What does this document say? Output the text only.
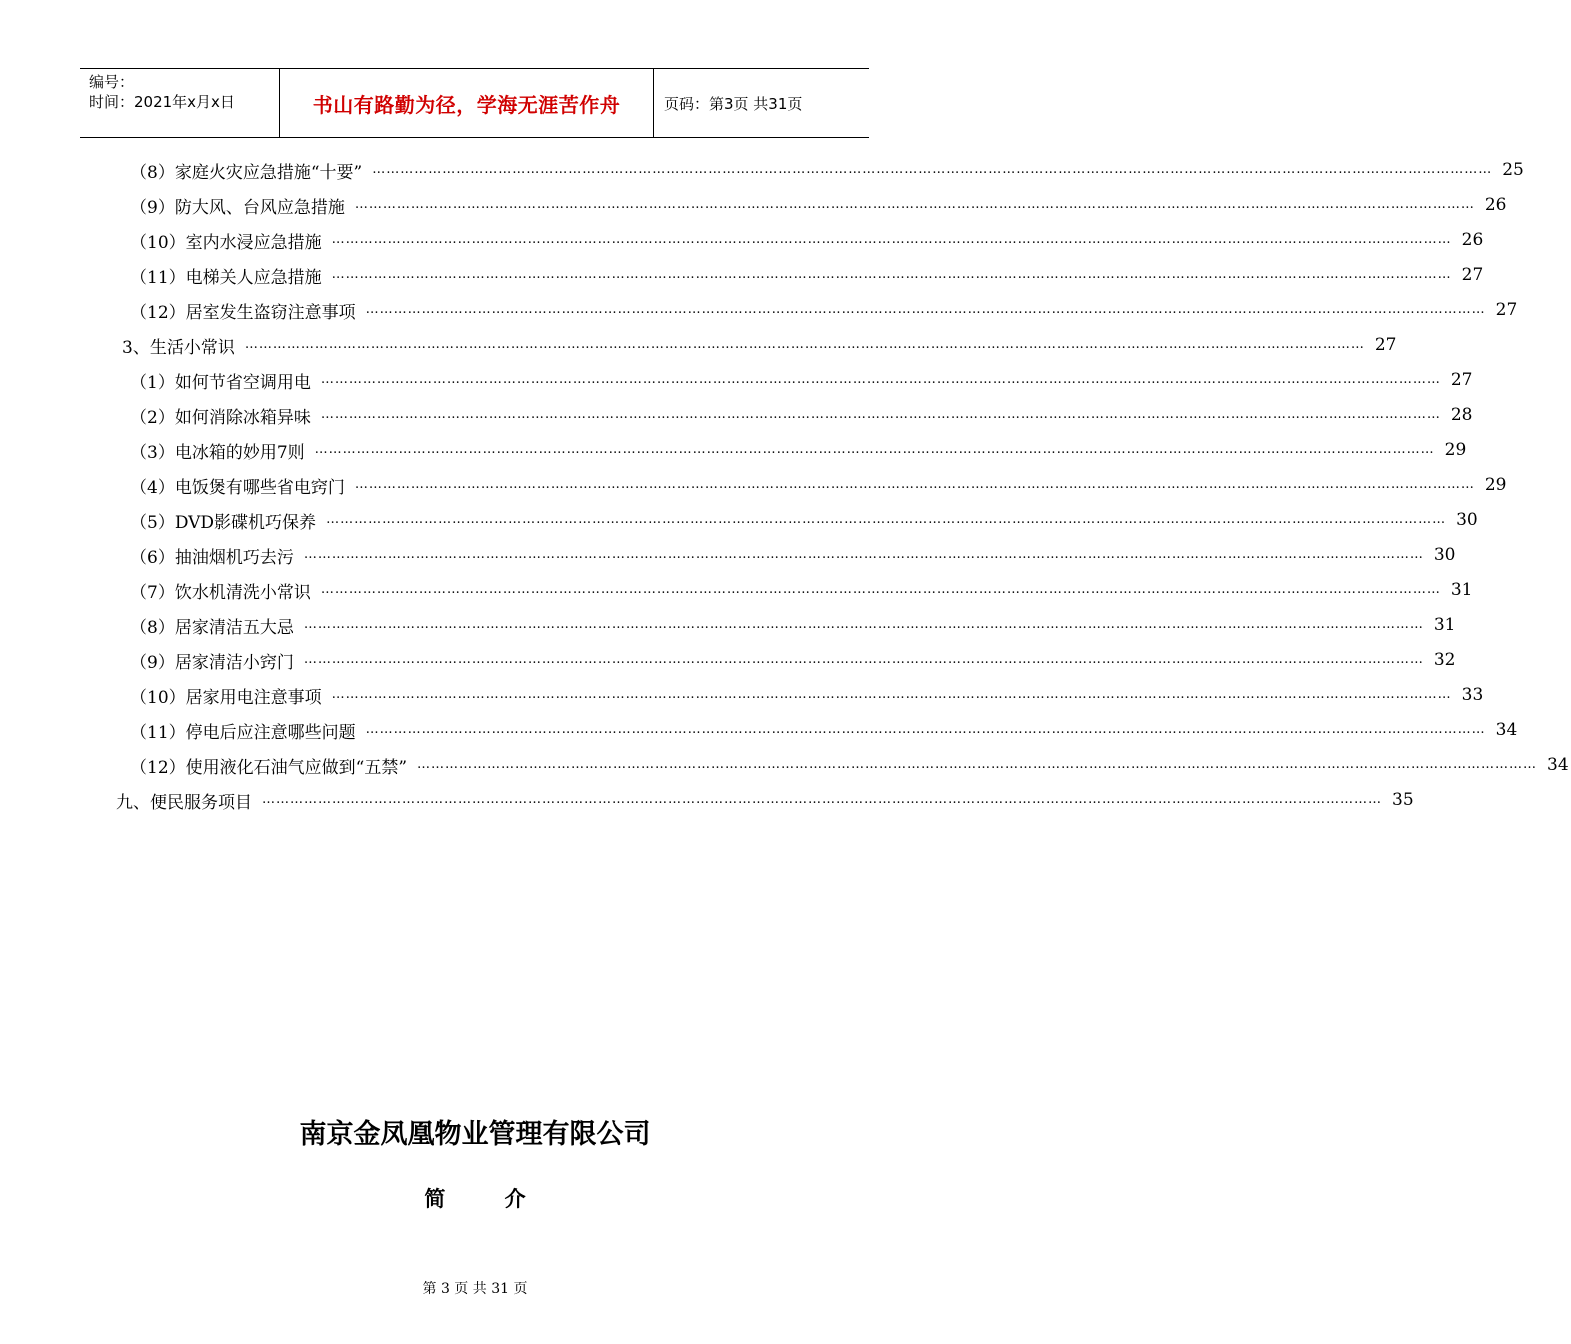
编号：
时间：2021年x月x日	书山有路勤为径，学海无涯苦作舟	页码：第3页 共31页
（8）家庭火灾应急措施“十要” …………………………………………………………………………………………………………………………………………………………………………………………………………………… 25
（9）防大风、台风应急措施 …………………………………………………………………………………………………………………………………………………………………………………………………………………… 26
（10）室内水浸应急措施 …………………………………………………………………………………………………………………………………………………………………………………………………………………… 26
（11）电梯关人应急措施 …………………………………………………………………………………………………………………………………………………………………………………………………………………… 27
（12）居室发生盗窃注意事项 …………………………………………………………………………………………………………………………………………………………………………………………………………………… 27
3、生活小常识 …………………………………………………………………………………………………………………………………………………………………………………………………………………… 27
（1）如何节省空调用电 …………………………………………………………………………………………………………………………………………………………………………………………………………………… 27
（2）如何消除冰箱异味 …………………………………………………………………………………………………………………………………………………………………………………………………………………… 28
（3）电冰箱的妙用7则 …………………………………………………………………………………………………………………………………………………………………………………………………………………… 29
（4）电饭煲有哪些省电窍门 …………………………………………………………………………………………………………………………………………………………………………………………………………………… 29
（5）DVD影碟机巧保养 …………………………………………………………………………………………………………………………………………………………………………………………………………………… 30
（6）抽油烟机巧去污 …………………………………………………………………………………………………………………………………………………………………………………………………………………… 30
（7）饮水机清洗小常识 …………………………………………………………………………………………………………………………………………………………………………………………………………………… 31
（8）居家清洁五大忌 …………………………………………………………………………………………………………………………………………………………………………………………………………………… 31
（9）居家清洁小窍门 …………………………………………………………………………………………………………………………………………………………………………………………………………………… 32
（10）居家用电注意事项 …………………………………………………………………………………………………………………………………………………………………………………………………………………… 33
（11）停电后应注意哪些问题 …………………………………………………………………………………………………………………………………………………………………………………………………………………… 34
（12）使用液化石油气应做到“五禁” …………………………………………………………………………………………………………………………………………………………………………………………………………………… 34
九、便民服务项目 …………………………………………………………………………………………………………………………………………………………………………………………………………………… 35
南京金凤凰物业管理有限公司
简 介
第 3 页 共 31 页
